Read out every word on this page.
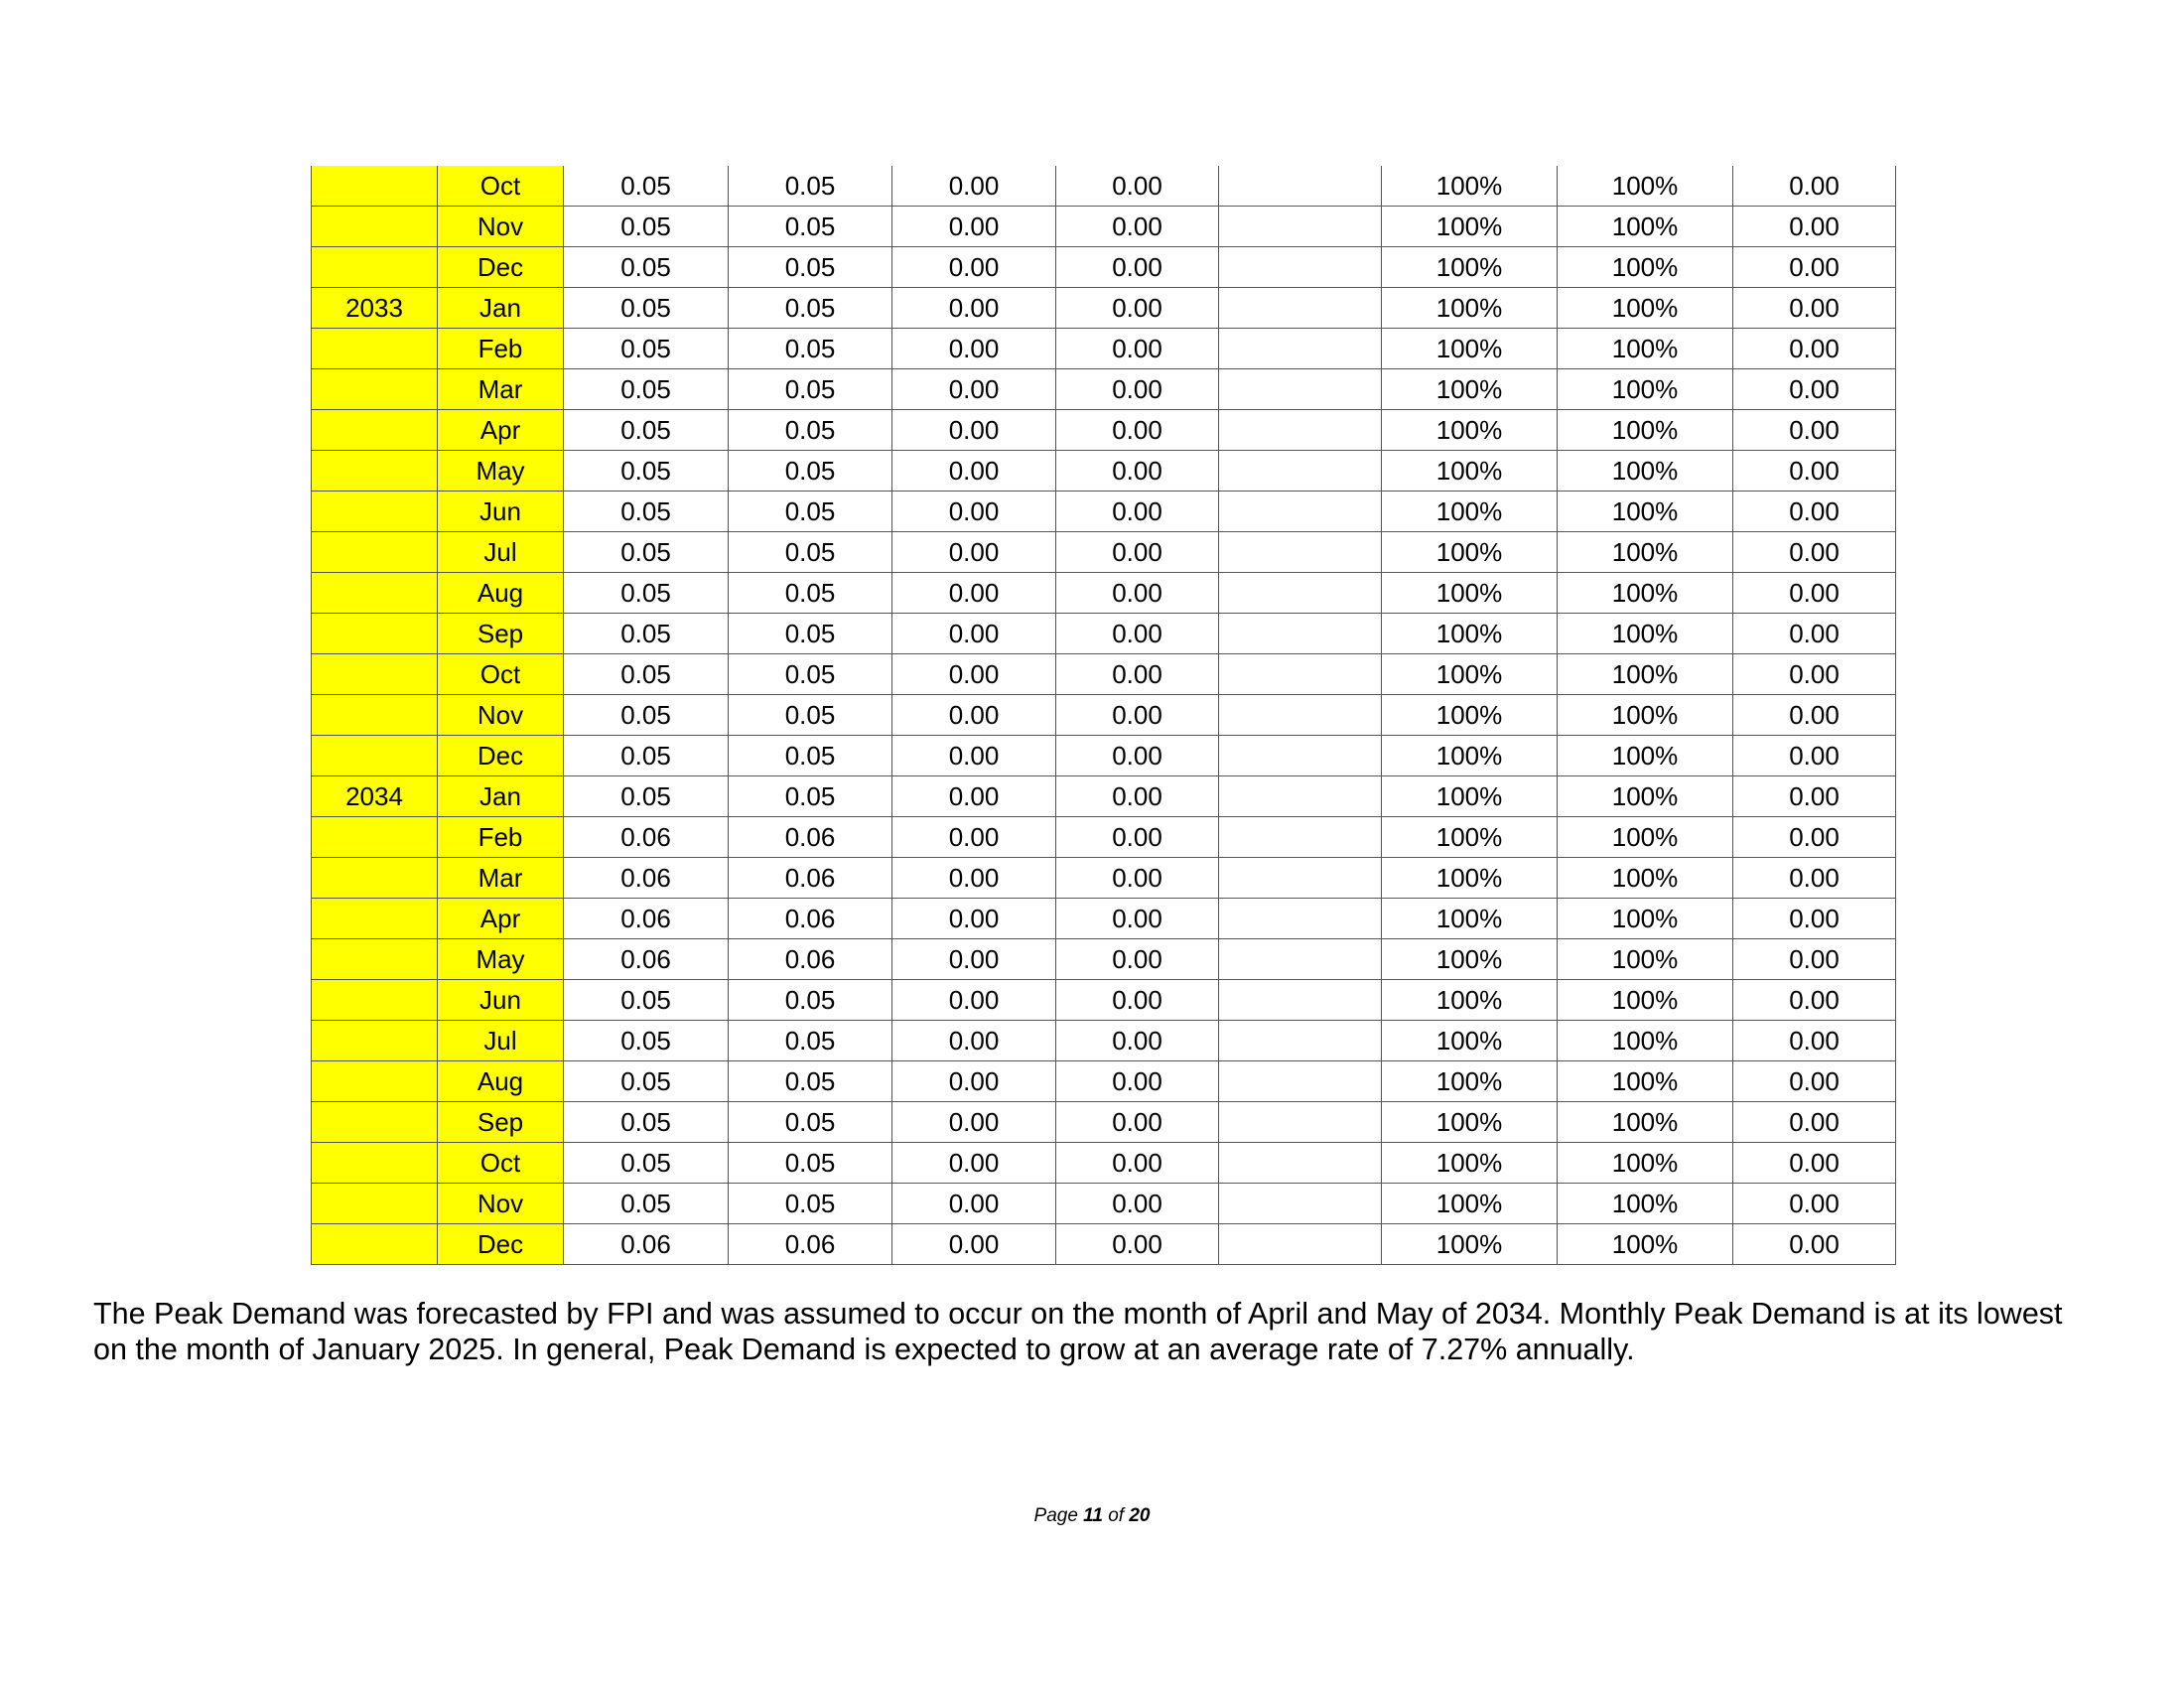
	Oct	0.05	0.05	0.00	0.00		100%	100%	0.00
	Nov	0.05	0.05	0.00	0.00		100%	100%	0.00
	Dec	0.05	0.05	0.00	0.00		100%	100%	0.00
2033	Jan	0.05	0.05	0.00	0.00		100%	100%	0.00
	Feb	0.05	0.05	0.00	0.00		100%	100%	0.00
	Mar	0.05	0.05	0.00	0.00		100%	100%	0.00
	Apr	0.05	0.05	0.00	0.00		100%	100%	0.00
	May	0.05	0.05	0.00	0.00		100%	100%	0.00
	Jun	0.05	0.05	0.00	0.00		100%	100%	0.00
	Jul	0.05	0.05	0.00	0.00		100%	100%	0.00
	Aug	0.05	0.05	0.00	0.00		100%	100%	0.00
	Sep	0.05	0.05	0.00	0.00		100%	100%	0.00
	Oct	0.05	0.05	0.00	0.00		100%	100%	0.00
	Nov	0.05	0.05	0.00	0.00		100%	100%	0.00
	Dec	0.05	0.05	0.00	0.00		100%	100%	0.00
2034	Jan	0.05	0.05	0.00	0.00		100%	100%	0.00
	Feb	0.06	0.06	0.00	0.00		100%	100%	0.00
	Mar	0.06	0.06	0.00	0.00		100%	100%	0.00
	Apr	0.06	0.06	0.00	0.00		100%	100%	0.00
	May	0.06	0.06	0.00	0.00		100%	100%	0.00
	Jun	0.05	0.05	0.00	0.00		100%	100%	0.00
	Jul	0.05	0.05	0.00	0.00		100%	100%	0.00
	Aug	0.05	0.05	0.00	0.00		100%	100%	0.00
	Sep	0.05	0.05	0.00	0.00		100%	100%	0.00
	Oct	0.05	0.05	0.00	0.00		100%	100%	0.00
	Nov	0.05	0.05	0.00	0.00		100%	100%	0.00
	Dec	0.06	0.06	0.00	0.00		100%	100%	0.00

The Peak Demand was forecasted by FPI and was assumed to occur on the month of April and May of 2034. Monthly Peak Demand is at its lowest on the month of January 2025. In general, Peak Demand is expected to grow at an average rate of 7.27% annually.

Page 11 of 20
